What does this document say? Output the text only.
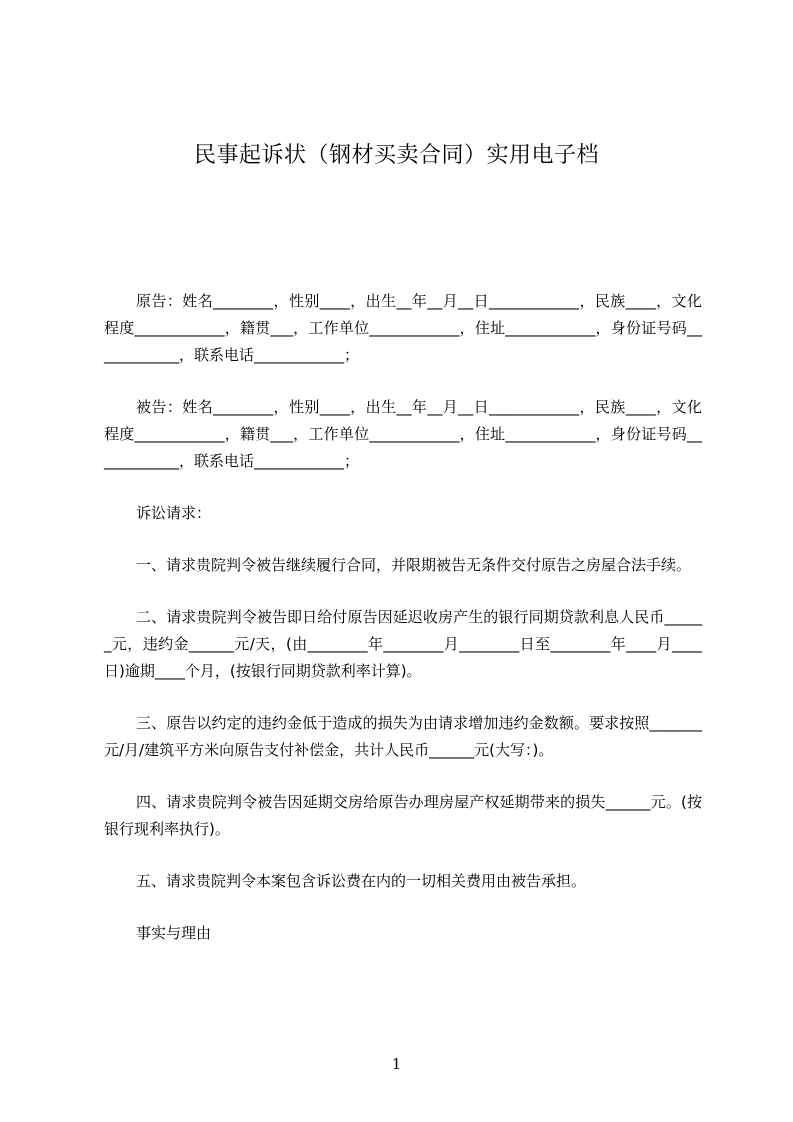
民事起诉状（钢材买卖合同）实用电子档

原告：姓名________，性别____，出生__年__月__日____________，民族____，文化程度____________，籍贯___，工作单位____________，住址____________，身份证号码____________，联系电话____________；

被告：姓名________，性别____，出生__年__月__日____________，民族____，文化程度____________，籍贯___，工作单位____________，住址____________，身份证号码____________，联系电话____________；

诉讼请求：

一、请求贵院判令被告继续履行合同，并限期被告无条件交付原告之房屋合法手续。

二、请求贵院判令被告即日给付原告因延迟收房产生的银行同期贷款利息人民币______元，违约金______元/天，(由________年________月________日至________年____月____日)逾期____个月，(按银行同期贷款利率计算)。

三、原告以约定的违约金低于造成的损失为由请求增加违约金数额。要求按照_______元/月/建筑平方米向原告支付补偿金，共计人民币______元(大写：)。

四、请求贵院判令被告因延期交房给原告办理房屋产权延期带来的损失______元。(按银行现利率执行)。

五、请求贵院判令本案包含诉讼费在内的一切相关费用由被告承担。

事实与理由

1
